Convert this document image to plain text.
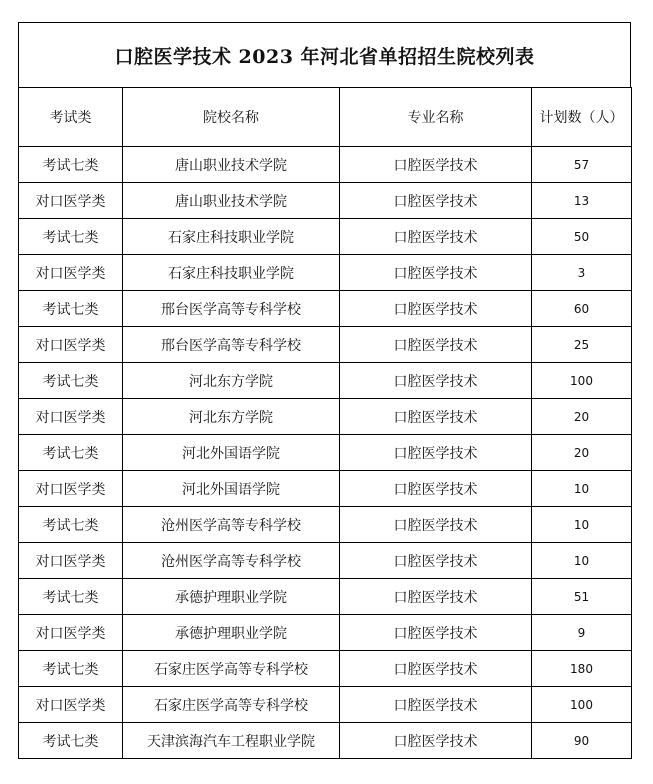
口腔医学技术 2023 年河北省单招招生院校列表
考试类	院校名称	专业名称	计划数（人）
考试七类	唐山职业技术学院	口腔医学技术	57
对口医学类	唐山职业技术学院	口腔医学技术	13
考试七类	石家庄科技职业学院	口腔医学技术	50
对口医学类	石家庄科技职业学院	口腔医学技术	3
考试七类	邢台医学高等专科学校	口腔医学技术	60
对口医学类	邢台医学高等专科学校	口腔医学技术	25
考试七类	河北东方学院	口腔医学技术	100
对口医学类	河北东方学院	口腔医学技术	20
考试七类	河北外国语学院	口腔医学技术	20
对口医学类	河北外国语学院	口腔医学技术	10
考试七类	沧州医学高等专科学校	口腔医学技术	10
对口医学类	沧州医学高等专科学校	口腔医学技术	10
考试七类	承德护理职业学院	口腔医学技术	51
对口医学类	承德护理职业学院	口腔医学技术	9
考试七类	石家庄医学高等专科学校	口腔医学技术	180
对口医学类	石家庄医学高等专科学校	口腔医学技术	100
考试七类	天津滨海汽车工程职业学院	口腔医学技术	90
